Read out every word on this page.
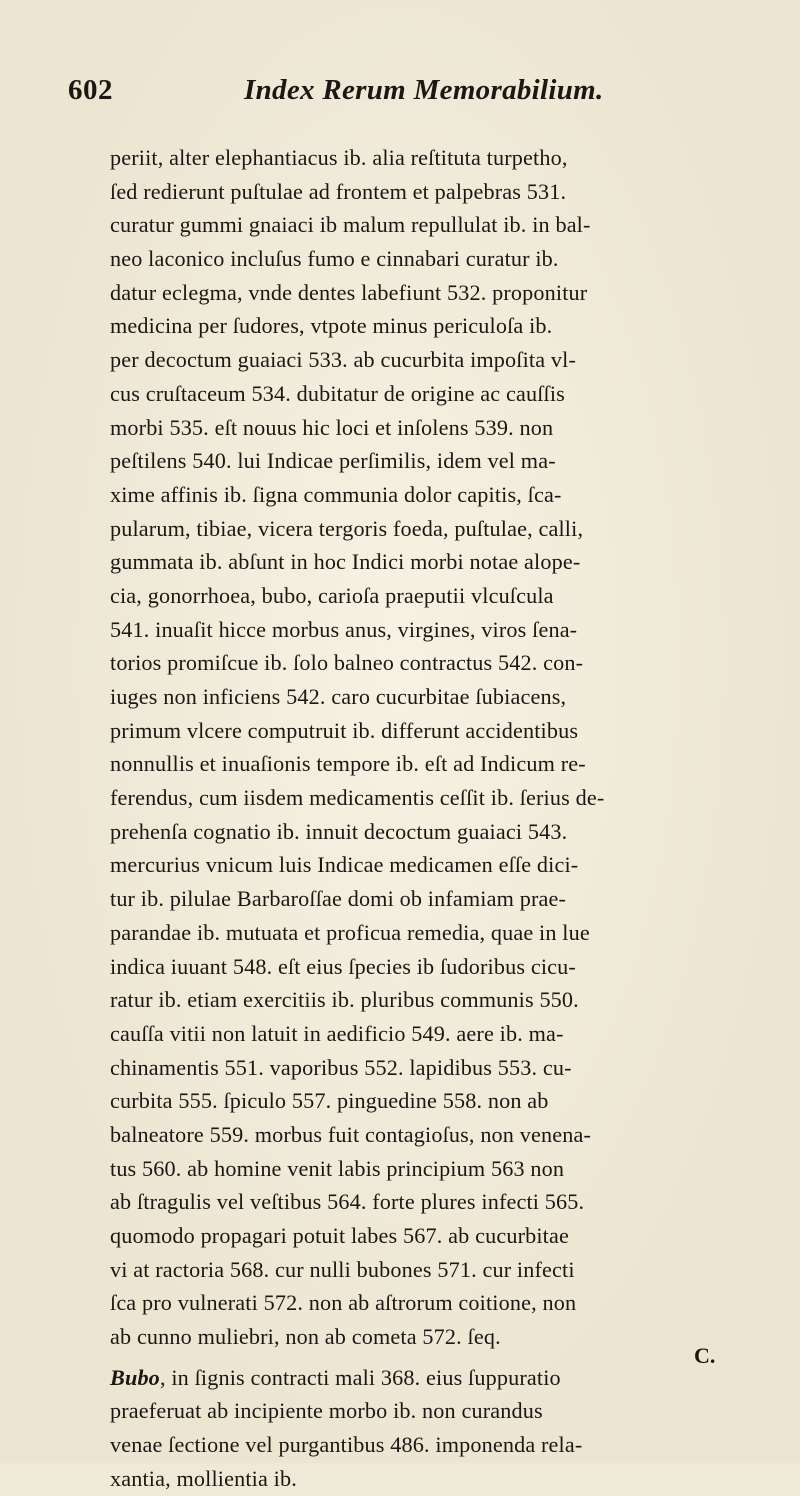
602	Index Rerum Memorabilium.
periit, alter elephantiacus ib. alia reſtituta turpetho,
ſed redierunt puſtulae ad frontem et palpebras 531.
curatur gummi gnaiaci ib malum repullulat ib. in bal-
neo laconico incluſus fumo e cinnabari curatur ib.
datur eclegma, vnde dentes labefiunt 532. proponitur
medicina per ſudores, vtpote minus periculoſa ib.
per decoctum guaiaci 533. ab cucurbita impoſita vl-
cus cruſtaceum 534. dubitatur de origine ac cauſſis
morbi 535. eſt nouus hic loci et inſolens 539. non
peſtilens 540. lui Indicae perſimilis, idem vel ma-
xime affinis ib. ſigna communia dolor capitis, ſca-
pularum, tibiae, vicera tergoris foeda, puſtulae, calli,
gummata ib. abſunt in hoc Indici morbi notae alope-
cia, gonorrhoea, bubo, carioſa praeputii vlcuſcula
541. inuaſit hicce morbus anus, virgines, viros ſena-
torios promiſcue ib. ſolo balneo contractus 542. con-
iuges non inficiens 542. caro cucurbitae ſubiacens,
primum vlcere computruit ib. differunt accidentibus
nonnullis et inuaſionis tempore ib. eſt ad Indicum re-
ferendus, cum iisdem medicamentis ceſſit ib. ſerius de-
prehenſa cognatio ib. innuit decoctum guaiaci 543.
mercurius vnicum luis Indicae medicamen eſſe dici-
tur ib. pilulae Barbaroſſae domi ob infamiam prae-
parandae ib. mutuata et proficua remedia, quae in lue
indica iuuant 548. eſt eius ſpecies ib ſudoribus cicu-
ratur ib. etiam exercitiis ib. pluribus communis 550.
cauſſa vitii non latuit in aedificio 549. aere ib. ma-
chinamentis 551. vaporibus 552. lapidibus 553. cu-
curbita 555. ſpiculo 557. pinguedine 558. non ab
balneatore 559. morbus fuit contagioſus, non venena-
tus 560. ab homine venit labis principium 563 non
ab ſtragulis vel veſtibus 564. forte plures infecti 565.
quomodo propagari potuit labes 567. ab cucurbitae
vi at ractoria 568. cur nulli bubones 571. cur infecti
ſca pro vulnerati 572. non ab aſtrorum coitione, non
ab cunno muliebri, non ab cometa 572. ſeq.
Bubo, in ſignis contracti mali 368. eius ſuppuratio
praeferuat ab incipiente morbo ib. non curandus
venae ſectione vel purgantibus 486. imponenda rela-
xantia, mollientia ib.
C.
